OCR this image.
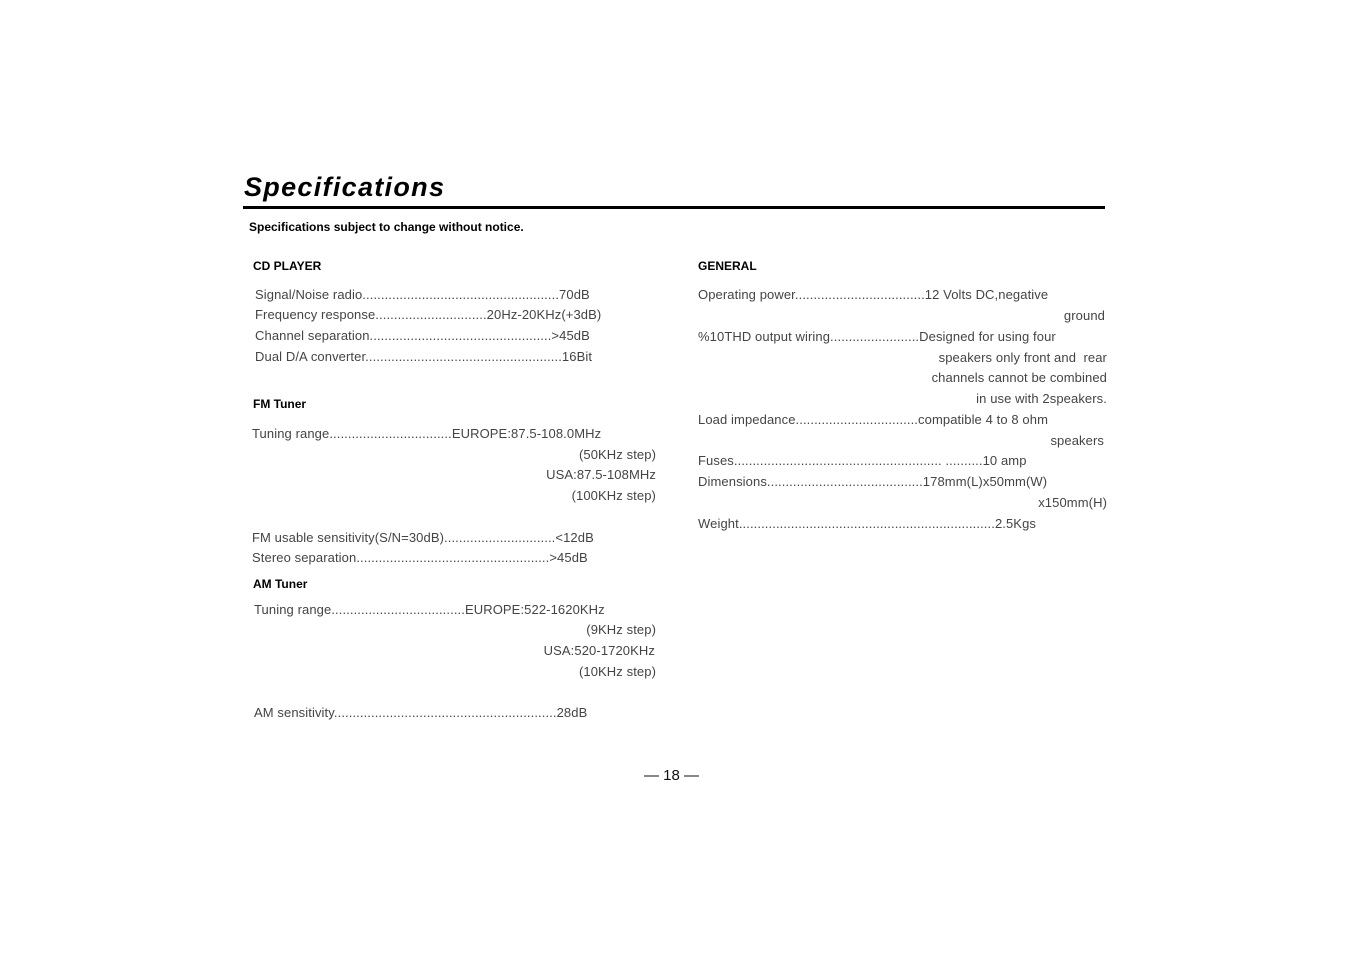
Specifications
Specifications subject to change without notice.
CD PLAYER
Signal/Noise radio.....................................................70dB
Frequency response..............................20Hz-20KHz(+3dB)
Channel separation.................................................>45dB
Dual D/A converter.....................................................16Bit
FM Tuner
Tuning range.................................EUROPE:87.5-108.0MHz
(50KHz step)
USA:87.5-108MHz
(100KHz step)
FM usable sensitivity(S/N=30dB)..............................<12dB
Stereo separation....................................................>45dB
AM Tuner
Tuning range....................................EUROPE:522-1620KHz
(9KHz step)
USA:520-1720KHz
(10KHz step)
AM sensitivity............................................................28dB
GENERAL
Operating power...................................12 Volts DC,negative
ground
%10THD output wiring........................Designed for using four
speakers only front and  rear
channels cannot be combined
in use with 2speakers.
Load impedance.................................compatible 4 to 8 ohm
speakers
Fuses........................................................ ..........10 amp
Dimensions..........................................178mm(L)x50mm(W)
x150mm(H)
Weight.....................................................................2.5Kgs
— 18 —
